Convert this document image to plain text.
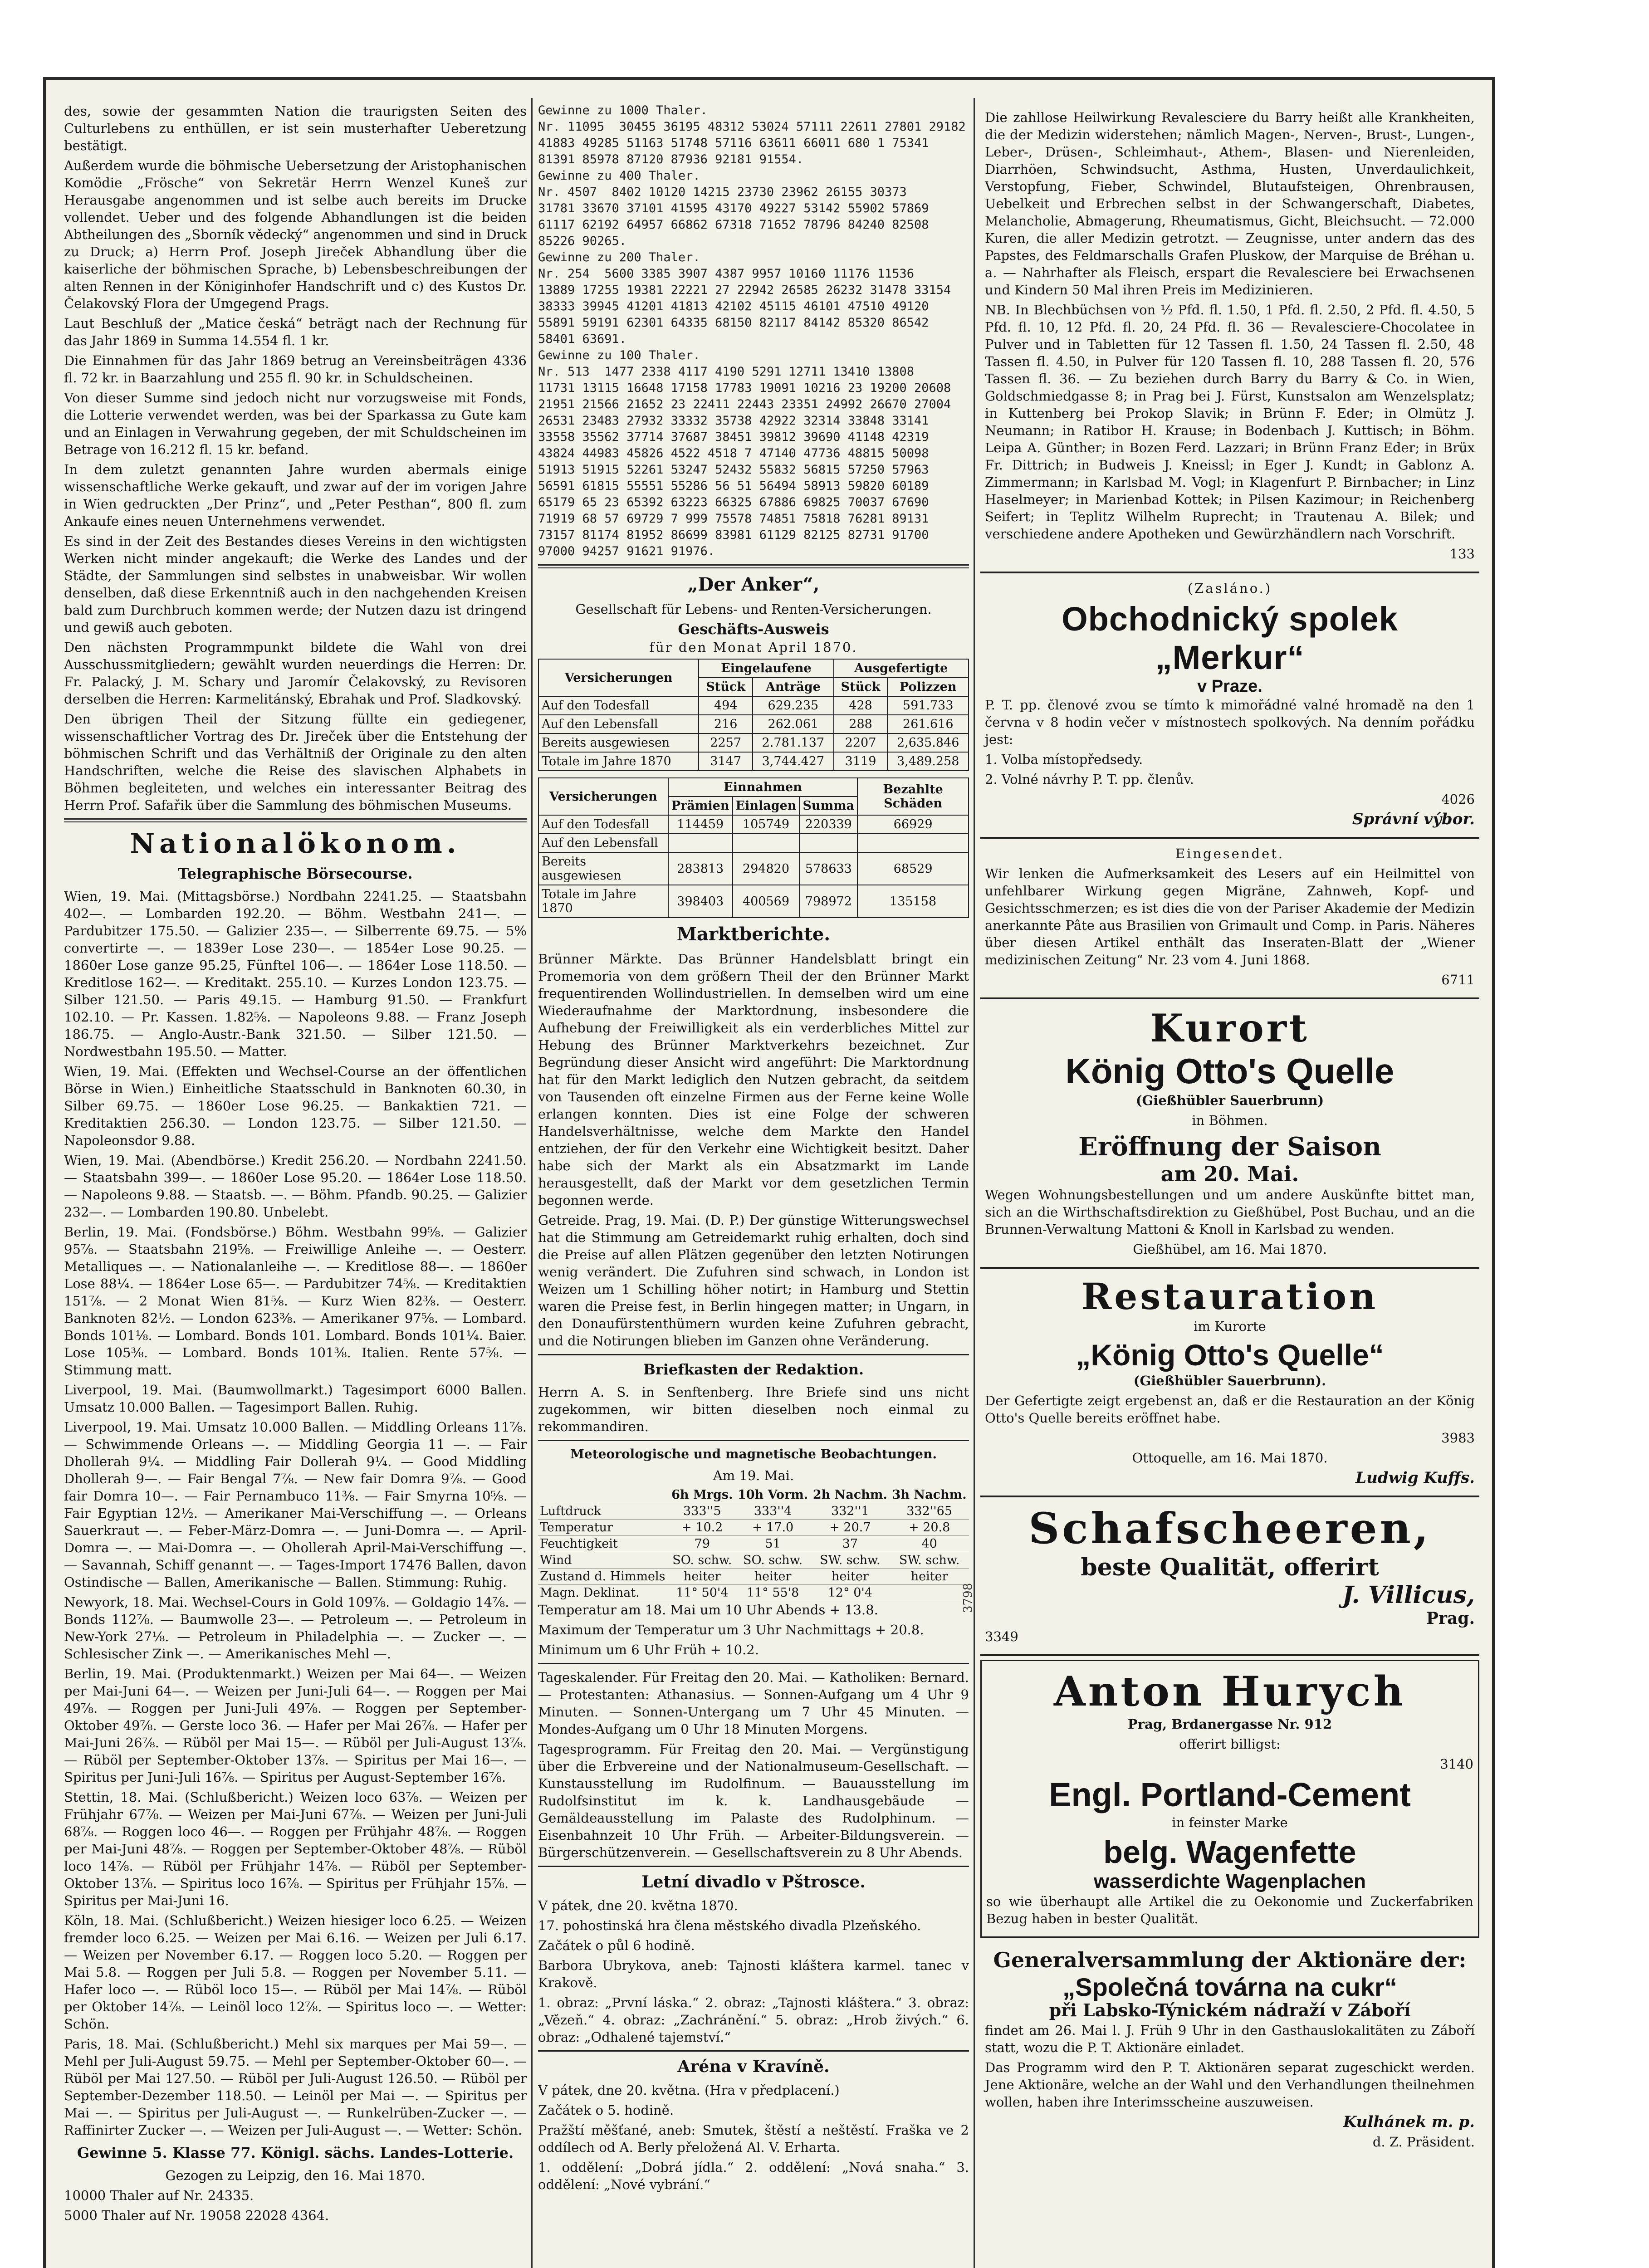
des, sowie der gesammten Nation die traurigsten Seiten des Culturlebens zu enthüllen, er ist sein musterhafter Ueberetzung bestätigt.
Außerdem wurde die böhmische Uebersetzung der Aristophanischen Komödie „Frösche“ von Sekretär Herrn Wenzel Kuneš zur Herausgabe angenommen und ist selbe auch bereits im Drucke vollendet. Ueber und des folgende Abhandlungen ist die beiden Abtheilungen des „Sborník vědecký“ angenommen und sind in Druck zu Druck; a) Herrn Prof. Joseph Jireček Abhandlung über die kaiserliche der böhmischen Sprache, b) Lebensbeschreibungen der alten Rennen in der Königinhofer Handschrift und c) des Kustos Dr. Čelakovský Flora der Umgegend Prags.
Laut Beschluß der „Matice česká“ beträgt nach der Rechnung für das Jahr 1869 in Summa 14.554 fl. 1 kr.
Die Einnahmen für das Jahr 1869 betrug an Vereinsbeiträgen 4336 fl. 72 kr. in Baarzahlung und 255 fl. 90 kr. in Schuldscheinen.
Von dieser Summe sind jedoch nicht nur vorzugsweise mit Fonds, die Lotterie verwendet werden, was bei der Sparkassa zu Gute kam und an Einlagen in Verwahrung gegeben, der mit Schuldscheinen im Betrage von 16.212 fl. 15 kr. befand.
In dem zuletzt genannten Jahre wurden abermals einige wissenschaftliche Werke gekauft, und zwar auf der im vorigen Jahre in Wien gedruckten „Der Prinz“, und „Peter Pesthan“, 800 fl. zum Ankaufe eines neuen Unternehmens verwendet.
Es sind in der Zeit des Bestandes dieses Vereins in den wichtigsten Werken nicht minder angekauft; die Werke des Landes und der Städte, der Sammlungen sind selbstes in unabweisbar. Wir wollen denselben, daß diese Erkenntniß auch in den nachgehenden Kreisen bald zum Durchbruch kommen werde; der Nutzen dazu ist dringend und gewiß auch geboten.
Den nächsten Programmpunkt bildete die Wahl von drei Ausschussmitgliedern; gewählt wurden neuerdings die Herren: Dr. Fr. Palacký, J. M. Schary und Jaromír Čelakovský, zu Revisoren derselben die Herren: Karmelitánský, Ebrahak und Prof. Sladkovský.
Den übrigen Theil der Sitzung füllte ein gediegener, wissenschaftlicher Vortrag des Dr. Jireček über die Entstehung der böhmischen Schrift und das Verhältniß der Originale zu den alten Handschriften, welche die Reise des slavischen Alphabets in Böhmen begleiteten, und welches ein interessanter Beitrag des Herrn Prof. Safařik über die Sammlung des böhmischen Museums.
Nationalökonom.
Telegraphische Börsecourse.
Wien, 19. Mai. (Mittagsbörse.) Nordbahn 2241.25. — Staatsbahn 402—. — Lombarden 192.20. — Böhm. Westbahn 241—. — Pardubitzer 175.50. — Galizier 235—. — Silberrente 69.75. — 5% convertirte —. — 1839er Lose 230—. — 1854er Lose 90.25. — 1860er Lose ganze 95.25, Fünftel 106—. — 1864er Lose 118.50. — Kreditlose 162—. — Kreditakt. 255.10. — Kurzes London 123.75. — Silber 121.50. — Paris 49.15. — Hamburg 91.50. — Frankfurt 102.10. — Pr. Kassen. 1.82⅝. — Napoleons 9.88. — Franz Joseph 186.75. — Anglo-Austr.-Bank 321.50. — Silber 121.50. — Nordwestbahn 195.50. — Matter.
Wien, 19. Mai. (Effekten und Wechsel-Course an der öffentlichen Börse in Wien.) Einheitliche Staatsschuld in Banknoten 60.30, in Silber 69.75. — 1860er Lose 96.25. — Bankaktien 721. — Kreditaktien 256.30. — London 123.75. — Silber 121.50. — Napoleonsdor 9.88.
Wien, 19. Mai. (Abendbörse.) Kredit 256.20. — Nordbahn 2241.50. — Staatsbahn 399—. — 1860er Lose 95.20. — 1864er Lose 118.50. — Napoleons 9.88. — Staatsb. —. — Böhm. Pfandb. 90.25. — Galizier 232—. — Lombarden 190.80. Unbelebt.
Berlin, 19. Mai. (Fondsbörse.) Böhm. Westbahn 99⅝. — Galizier 95⅞. — Staatsbahn 219⅝. — Freiwillige Anleihe —. — Oesterr. Metalliques —. — Nationalanleihe —. — Kreditlose 88—. — 1860er Lose 88¼. — 1864er Lose 65—. — Pardubitzer 74⅝. — Kreditaktien 151⅞. — 2 Monat Wien 81⅝. — Kurz Wien 82⅜. — Oesterr. Banknoten 82½. — London 623⅜. — Amerikaner 97⅝. — Lombard. Bonds 101⅛. — Lombard. Bonds 101. Lombard. Bonds 101¼. Baier. Lose 105⅜. — Lombard. Bonds 101⅜. Italien. Rente 57⅝. — Stimmung matt.
Liverpool, 19. Mai. (Baumwollmarkt.) Tagesimport 6000 Ballen. Umsatz 10.000 Ballen. — Tagesimport Ballen. Ruhig.
Liverpool, 19. Mai. Umsatz 10.000 Ballen. — Middling Orleans 11⅞. — Schwimmende Orleans —. — Middling Georgia 11 —. — Fair Dhollerah 9¼. — Middling Fair Dollerah 9¼. — Good Middling Dhollerah 9—. — Fair Bengal 7⅞. — New fair Domra 9⅞. — Good fair Domra 10—. — Fair Pernambuco 11⅜. — Fair Smyrna 10⅝. — Fair Egyptian 12½. — Amerikaner Mai-Verschiffung —. — Orleans Sauerkraut —. — Feber-März-Domra —. — Juni-Domra —. — April-Domra —. — Mai-Domra —. — Ohollerah April-Mai-Verschiffung —. — Savannah, Schiff genannt —. — Tages-Import 17476 Ballen, davon Ostindische — Ballen, Amerikanische — Ballen. Stimmung: Ruhig.
Newyork, 18. Mai. Wechsel-Cours in Gold 109⅞. — Goldagio 14⅞. — Bonds 112⅞. — Baumwolle 23—. — Petroleum —. — Petroleum in New-York 27⅛. — Petroleum in Philadelphia —. — Zucker —. — Schlesischer Zink —. — Amerikanisches Mehl —.
Berlin, 19. Mai. (Produktenmarkt.) Weizen per Mai 64—. — Weizen per Mai-Juni 64—. — Weizen per Juni-Juli 64—. — Roggen per Mai 49⅞. — Roggen per Juni-Juli 49⅞. — Roggen per September-Oktober 49⅞. — Gerste loco 36. — Hafer per Mai 26⅞. — Hafer per Mai-Juni 26⅞. — Rüböl per Mai 15—. — Rüböl per Juli-August 13⅞. — Rüböl per September-Oktober 13⅞. — Spiritus per Mai 16—. — Spiritus per Juni-Juli 16⅞. — Spiritus per August-September 16⅞.
Stettin, 18. Mai. (Schlußbericht.) Weizen loco 63⅞. — Weizen per Frühjahr 67⅞. — Weizen per Mai-Juni 67⅞. — Weizen per Juni-Juli 68⅞. — Roggen loco 46—. — Roggen per Frühjahr 48⅞. — Roggen per Mai-Juni 48⅞. — Roggen per September-Oktober 48⅞. — Rüböl loco 14⅞. — Rüböl per Frühjahr 14⅞. — Rüböl per September-Oktober 13⅞. — Spiritus loco 16⅞. — Spiritus per Frühjahr 15⅞. — Spiritus per Mai-Juni 16.
Köln, 18. Mai. (Schlußbericht.) Weizen hiesiger loco 6.25. — Weizen fremder loco 6.25. — Weizen per Mai 6.16. — Weizen per Juli 6.17. — Weizen per November 6.17. — Roggen loco 5.20. — Roggen per Mai 5.8. — Roggen per Juli 5.8. — Roggen per November 5.11. — Hafer loco —. — Rüböl loco 15—. — Rüböl per Mai 14⅞. — Rüböl per Oktober 14⅞. — Leinöl loco 12⅞. — Spiritus loco —. — Wetter: Schön.
Paris, 18. Mai. (Schlußbericht.) Mehl six marques per Mai 59—. — Mehl per Juli-August 59.75. — Mehl per September-Oktober 60—. — Rüböl per Mai 127.50. — Rüböl per Juli-August 126.50. — Rüböl per September-Dezember 118.50. — Leinöl per Mai —. — Spiritus per Mai —. — Spiritus per Juli-August —. — Runkelrüben-Zucker —. — Raffinirter Zucker —. — Weizen per Juli-August —. — Wetter: Schön.
Gewinne 5. Klasse 77. Königl. sächs. Landes-Lotterie.
Gezogen zu Leipzig, den 16. Mai 1870.
10000 Thaler auf Nr. 24335.
5000 Thaler auf Nr. 19058 22028 4364.
Gewinne zu 1000 Thaler.
Nr. 11095  30455 36195 48312 53024 57111 22611 27801 29182
41883 49285 51163 51748 57116 63611 66011 680 1 75341
81391 85978 87120 87936 92181 91554.
Gewinne zu 400 Thaler.
Nr. 4507  8402 10120 14215 23730 23962 26155 30373
31781 33670 37101 41595 43170 49227 53142 55902 57869
61117 62192 64957 66862 67318 71652 78796 84240 82508
85226 90265.
Gewinne zu 200 Thaler.
Nr. 254  5600 3385 3907 4387 9957 10160 11176 11536
13889 17255 19381 22221 27 22942 26585 26232 31478 33154
38333 39945 41201 41813 42102 45115 46101 47510 49120
55891 59191 62301 64335 68150 82117 84142 85320 86542
58401 63691.
Gewinne zu 100 Thaler.
Nr. 513  1477 2338 4117 4190 5291 12711 13410 13808
11731 13115 16648 17158 17783 19091 10216 23 19200 20608
21951 21566 21652 23 22411 22443 23351 24992 26670 27004
26531 23483 27932 33332 35738 42922 32314 33848 33141
33558 35562 37714 37687 38451 39812 39690 41148 42319
43824 44983 45826 4522 4518 7 47140 47736 48815 50098
51913 51915 52261 53247 52432 55832 56815 57250 57963
56591 61815 55551 55286 56 51 56494 58913 59820 60189
65179 65 23 65392 63223 66325 67886 69825 70037 67690
71919 68 57 69729 7 999 75578 74851 75818 76281 89131
73157 81174 81952 86699 83981 61129 82125 82731 91700
97000 94257 91621 91976.
„Der Anker“,
Gesellschaft für Lebens- und Renten-Versicherungen.
Geschäfts-Ausweis
für den Monat April 1870.
Versicherungen	Eingelaufene		Ausgefertigte	
	Stück	Anträge	Stück	Polizzen
Auf den Todesfall	494	629.235	428	591.733
Auf den Lebensfall	216	262.061	288	261.616
Bereits ausgewiesen	2257	2.781.137	2207	2,635.846
Totale im Jahre 1870	3147	3,744.427	3119	3,489.258
Versicherungen	Einnahmen			Bezahlte Schäden
	Prämien	Einlagen	Summa	
Auf den Todesfall	114459	105749	220339	66929
Auf den Lebensfall				
Bereits ausgewiesen	283813	294820	578633	68529
Totale im Jahre 1870	398403	400569	798972	135158
Marktberichte.
Brünner Märkte. Das Brünner Handelsblatt bringt ein Promemoria von dem größern Theil der den Brünner Markt frequentirenden Wollindustriellen. In demselben wird um eine Wiederaufnahme der Marktordnung, insbesondere die Aufhebung der Freiwilligkeit als ein verderbliches Mittel zur Hebung des Brünner Marktverkehrs bezeichnet. Zur Begründung dieser Ansicht wird angeführt: Die Marktordnung hat für den Markt lediglich den Nutzen gebracht, da seitdem von Tausenden oft einzelne Firmen aus der Ferne keine Wolle erlangen konnten. Dies ist eine Folge der schweren Handelsverhältnisse, welche dem Markte den Handel entziehen, der für den Verkehr eine Wichtigkeit besitzt. Daher habe sich der Markt als ein Absatzmarkt im Lande herausgestellt, daß der Markt vor dem gesetzlichen Termin begonnen werde.
Getreide. Prag, 19. Mai. (D. P.) Der günstige Witterungswechsel hat die Stimmung am Getreidemarkt ruhig erhalten, doch sind die Preise auf allen Plätzen gegenüber den letzten Notirungen wenig verändert. Die Zufuhren sind schwach, in London ist Weizen um 1 Schilling höher notirt; in Hamburg und Stettin waren die Preise fest, in Berlin hingegen matter; in Ungarn, in den Donaufürstenthümern wurden keine Zufuhren gebracht, und die Notirungen blieben im Ganzen ohne Veränderung.
Briefkasten der Redaktion.
Herrn A. S. in Senftenberg. Ihre Briefe sind uns nicht zugekommen, wir bitten dieselben noch einmal zu rekommandiren.
Meteorologische und magnetische Beobachtungen.
Am 19. Mai.
	6h Mrgs.	10h Vorm.	2h Nachm.	3h Nachm.
Luftdruck	333''5	333''4	332''1	332''65
Temperatur	+ 10.2	+ 17.0	+ 20.7	+ 20.8
Feuchtigkeit	79	51	37	40
Wind	SO. schw.	SO. schw.	SW. schw.	SW. schw.
Zustand d. Himmels	heiter	heiter	heiter	heiter
Magn. Deklinat.	11° 50'4	11° 55'8	12° 0'4	
Temperatur am 18. Mai um 10 Uhr Abends + 13.8.
Maximum der Temperatur um 3 Uhr Nachmittags + 20.8.
Minimum um 6 Uhr Früh + 10.2.
Tageskalender. Für Freitag den 20. Mai. — Katholiken: Bernard. — Protestanten: Athanasius. — Sonnen-Aufgang um 4 Uhr 9 Minuten. — Sonnen-Untergang um 7 Uhr 45 Minuten. — Mondes-Aufgang um 0 Uhr 18 Minuten Morgens.
Tagesprogramm. Für Freitag den 20. Mai. — Vergünstigung über die Erbvereine und der Nationalmuseum-Gesellschaft. — Kunstausstellung im Rudolfinum. — Bauausstellung im Rudolfsinstitut im k. k. Landhausgebäude — Gemäldeausstellung im Palaste des Rudolphinum. — Eisenbahnzeit 10 Uhr Früh. — Arbeiter-Bildungsverein. — Bürgerschützenverein. — Gesellschaftsverein zu 8 Uhr Abends.
Letní divadlo v Pštrosce.
V pátek, dne 20. května 1870.
17. pohostinská hra člena městského divadla Plzeňského.
Začátek o půl 6 hodině.
Barbora Ubrykova, aneb: Tajnosti kláštera karmel. tanec v Krakově.
1. obraz: „První láska.“ 2. obraz: „Tajnosti kláštera.“ 3. obraz: „Vězeň.“ 4. obraz: „Zachránění.“ 5. obraz: „Hrob živých.“ 6. obraz: „Odhalené tajemství.“
Aréna v Kravíně.
V pátek, dne 20. května. (Hra v předplacení.)
Začátek o 5. hodině.
Pražští měšťané, aneb: Smutek, štěstí a neštěstí. Fraška ve 2 oddílech od A. Berly přeložená Al. V. Erharta.
1. oddělení: „Dobrá jídla.“ 2. oddělení: „Nová snaha.“ 3. oddělení: „Nové vybrání.“
Die zahllose Heilwirkung Revalesciere du Barry heißt alle Krankheiten, die der Medizin widerstehen; nämlich Magen-, Nerven-, Brust-, Lungen-, Leber-, Drüsen-, Schleimhaut-, Athem-, Blasen- und Nierenleiden, Diarrhöen, Schwindsucht, Asthma, Husten, Unverdaulichkeit, Verstopfung, Fieber, Schwindel, Blutaufsteigen, Ohrenbrausen, Uebelkeit und Erbrechen selbst in der Schwangerschaft, Diabetes, Melancholie, Abmagerung, Rheumatismus, Gicht, Bleichsucht. — 72.000 Kuren, die aller Medizin getrotzt. — Zeugnisse, unter andern das des Papstes, des Feldmarschalls Grafen Pluskow, der Marquise de Bréhan u. a. — Nahrhafter als Fleisch, erspart die Revalesciere bei Erwachsenen und Kindern 50 Mal ihren Preis im Medizinieren.
NB. In Blechbüchsen von ½ Pfd. fl. 1.50, 1 Pfd. fl. 2.50, 2 Pfd. fl. 4.50, 5 Pfd. fl. 10, 12 Pfd. fl. 20, 24 Pfd. fl. 36 — Revalesciere-Chocolatee in Pulver und in Tabletten für 12 Tassen fl. 1.50, 24 Tassen fl. 2.50, 48 Tassen fl. 4.50, in Pulver für 120 Tassen fl. 10, 288 Tassen fl. 20, 576 Tassen fl. 36. — Zu beziehen durch Barry du Barry & Co. in Wien, Goldschmiedgasse 8; in Prag bei J. Fürst, Kunstsalon am Wenzelsplatz; in Kuttenberg bei Prokop Slavik; in Brünn F. Eder; in Olmütz J. Neumann; in Ratibor H. Krause; in Bodenbach J. Kuttisch; in Böhm. Leipa A. Günther; in Bozen Ferd. Lazzari; in Brünn Franz Eder; in Brüx Fr. Dittrich; in Budweis J. Kneissl; in Eger J. Kundt; in Gablonz A. Zimmermann; in Karlsbad M. Vogl; in Klagenfurt P. Birnbacher; in Linz Haselmeyer; in Marienbad Kottek; in Pilsen Kazimour; in Reichenberg Seifert; in Teplitz Wilhelm Ruprecht; in Trautenau A. Bilek; und verschiedene andere Apotheken und Gewürzhändlern nach Vorschrift.
133
(Zasláno.)
Obchodnický spolek „Merkur“
v Praze.
P. T. pp. členové zvou se tímto k mimořádné valné hromadě na den 1 června v 8 hodin večer v místnostech spolkových. Na denním pořádku jest:
1. Volba místopředsedy.
2. Volné návrhy P. T. pp. členův.
4026
Správní výbor.
Eingesendet.
Wir lenken die Aufmerksamkeit des Lesers auf ein Heilmittel von unfehlbarer Wirkung gegen Migräne, Zahnweh, Kopf- und Gesichtsschmerzen; es ist dies die von der Pariser Akademie der Medizin anerkannte Pâte aus Brasilien von Grimault und Comp. in Paris. Näheres über diesen Artikel enthält das Inseraten-Blatt der „Wiener medizinischen Zeitung“ Nr. 23 vom 4. Juni 1868.
6711
Kurort
König Otto's Quelle
(Gießhübler Sauerbrunn)
in Böhmen.
Eröffnung der Saison
am 20. Mai.
Wegen Wohnungsbestellungen und um andere Auskünfte bittet man, sich an die Wirthschaftsdirektion zu Gießhübel, Post Buchau, und an die Brunnen-Verwaltung Mattoni & Knoll in Karlsbad zu wenden.
Gießhübel, am 16. Mai 1870.
Restauration
im Kurorte
„König Otto's Quelle“
(Gießhübler Sauerbrunn).
Der Gefertigte zeigt ergebenst an, daß er die Restauration an der König Otto's Quelle bereits eröffnet habe.
3983
Ottoquelle, am 16. Mai 1870.
Ludwig Kuffs.
Schafscheeren,
beste Qualität, offerirt
J. Villicus,
Prag.
3349
Anton Hurych
Prag, Brdanergasse Nr. 912
offerirt billigst:
3140
Engl. Portland-Cement
in feinster Marke
belg. Wagenfette
wasserdichte Wagenplachen
so wie überhaupt alle Artikel die zu Oekonomie und Zuckerfabriken Bezug haben in bester Qualität.
Generalversammlung der Aktionäre der:
„Společná továrna na cukr“
při Labsko-Týnickém nádraží v Záboří
findet am 26. Mai l. J. Früh 9 Uhr in den Gasthauslokalitäten zu Záboří statt, wozu die P. T. Aktionäre einladet.
Das Programm wird den P. T. Aktionären separat zugeschickt werden. Jene Aktionäre, welche an der Wahl und den Verhandlungen theilnehmen wollen, haben ihre Interimsscheine auszuweisen.
Kulhánek m. p.
d. Z. Präsident.
3798
